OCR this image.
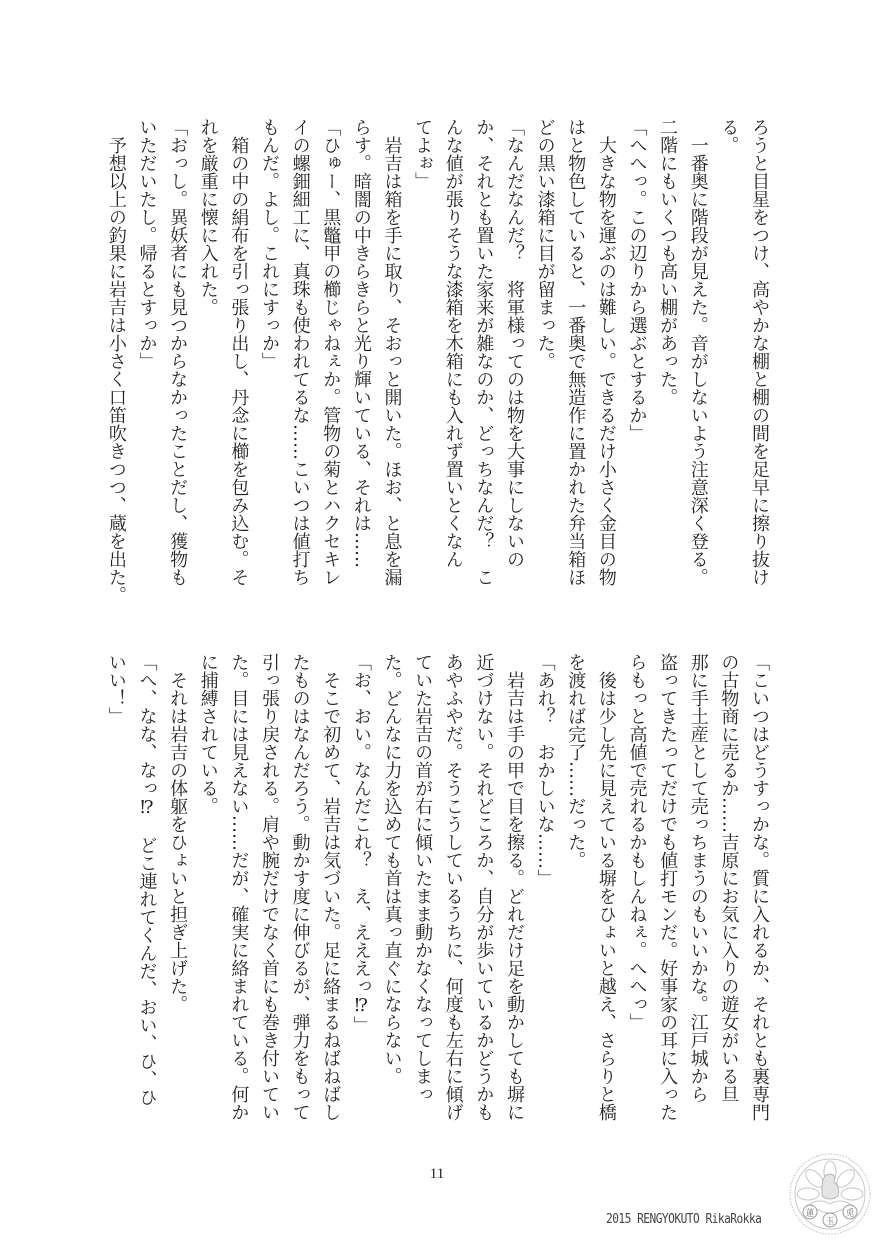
ろうと目星をつけ、高やかな棚と棚の間を足早に擦り抜け
る。
　一番奥に階段が見えた。音がしないよう注意深く登る。
二階にもいくつも高い棚があった。
「へへっ。この辺りから選ぶとするか」
　大きな物を運ぶのは難しい。できるだけ小さく金目の物
はと物色していると、一番奥で無造作に置かれた弁当箱ほ
どの黒い漆箱に目が留まった。
「なんだなんだ？　将軍様ってのは物を大事にしないの
か、それとも置いた家来が雑なのか、どっちなんだ？　こ
んな値が張りそうな漆箱を木箱にも入れず置いとくなん
てよぉ」
　岩吉は箱を手に取り、そおっと開いた。ほお、と息を漏
らす。暗闇の中きらきらと光り輝いている、それは……
「ひゅー、黒鼈甲の櫛じゃねぇか。管物の菊とハクセキレ
イの螺鈿細工に、真珠も使われてるな……こいつは値打ち
もんだ。よし。これにすっか」
　箱の中の絹布を引っ張り出し、丹念に櫛を包み込む。そ
れを厳重に懐に入れた。
「おっし。異妖者にも見つからなかったことだし、獲物も
いただいたし。帰るとすっか」
　予想以上の釣果に岩吉は小さく口笛吹きつつ、蔵を出た。
「こいつはどうすっかな。質に入れるか、それとも裏専門
の古物商に売るか……吉原にお気に入りの遊女がいる旦
那に手土産として売っちまうのもいいかな。江戸城から
盗ってきたってだけでも値打モンだ。好事家の耳に入った
らもっと高値で売れるかもしんねぇ。へへっ」
　後は少し先に見えている塀をひょいと越え、さらりと橋
を渡れば完了……だった。
「あれ？　おかしいな……」
　岩吉は手の甲で目を擦る。どれだけ足を動かしても塀に
近づけない。それどころか、自分が歩いているかどうかも
あやふやだ。そうこうしているうちに、何度も左右に傾げ
ていた岩吉の首が右に傾いたまま動かなくなってしまっ
た。どんなに力を込めても首は真っ直ぐにならない。
「お、おい。なんだこれ？　え、えええっ⁉」
　そこで初めて、岩吉は気づいた。足に絡まるねばねばし
たものはなんだろう。動かす度に伸びるが、弾力をもって
引っ張り戻される。肩や腕だけでなく首にも巻き付いてい
た。目には見えない……だが、確実に絡まれている。何か
に捕縛されている。
　それは岩吉の体躯をひょいと担ぎ上げた。
「へ、なな、なっ⁉　どこ連れてくんだ、おい、ひ、ひ
いい！」
11
2015 RENGYOKUTO RikaRokka	蓮
玉
兎
